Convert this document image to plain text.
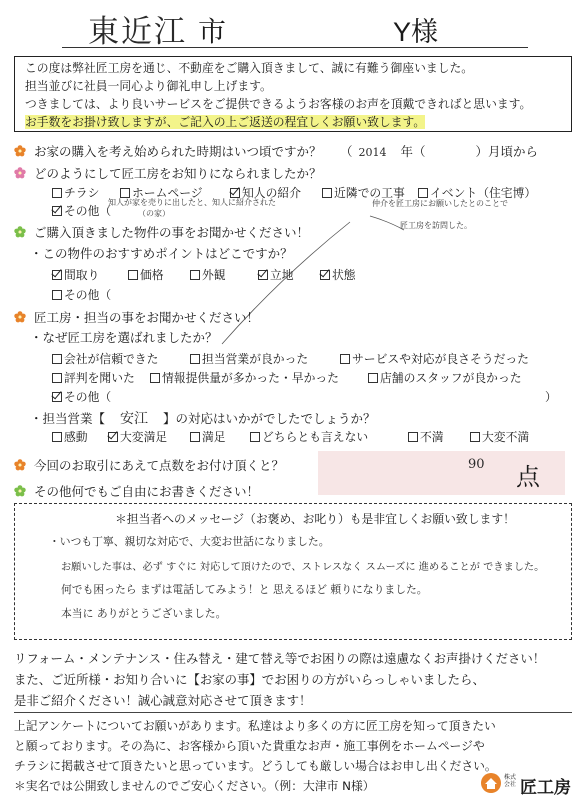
東近江 市	Y様

この度は弊社匠工房を通じ、不動産をご購入頂きまして、誠に有難う御座いました。

担当並びに社員一同心より御礼申し上げます。

つきましては、より良いサービスをご提供できるようお客様のお声を頂戴できればと思います。

お手数をお掛け致しますが、ご記入の上ご返送の程宜しくお願い致します。

お家の購入を考え始められた時期はいつ頃ですか？ （ 2014 年（	）月頃から
どのようにして匠工房をお知りになられましたか？
チラシ	ホームページ	知人の紹介	近隣での工事	イベント（住宅博）
その他（
知人が家を売りに出したと、知人に紹介された
（の家）
仲介を匠工房にお願いしたとのことで
匠工房を訪問した。
ご購入頂きました物件の事をお聞かせください！
・この物件のおすすめポイントはどこですか？
間取り	価格	外観	立地	状態
その他（
匠工房・担当の事をお聞かせください！
・なぜ匠工房を選ばれましたか？
会社が信頼できた	担当営業が良かった	サービスや対応が良さそうだった
評判を聞いた	情報提供量が多かった・早かった	店舗のスタッフが良かった
その他（	）
・担当営業【 安江 】の対応はいかがでしたでしょうか？
感動	大変満足	満足	どちらとも言えない	不満	大変不満
今回のお取引にあえて点数をお付け頂くと？	90 点
その他何でもご自由にお書きください！
＊担当者へのメッセージ（お褒め、お叱り）も是非宜しくお願い致します！
・いつも丁寧、親切な対応で、大変お世話になりました。
お願いした事は、必ず すぐに 対応して頂けたので、ストレスなく スムーズに 進めることが できました。
何でも困ったら まずは電話してみよう！と 思えるほど 頼りになりました。
本当に ありがとうございました。

リフォーム・メンテナンス・住み替え・建て替え等でお困りの際は遠慮なくお声掛けください！

また、ご近所様・お知り合いに【お家の事】でお困りの方がいらっしゃいましたら、

是非ご紹介ください！誠心誠意対応させて頂きます！

上記アンケートについてお願いがあります。私達はより多くの方に匠工房を知って頂きたい

と願っております。その為に、お客様から頂いた貴重なお声・施工事例をホームページや

チラシに掲載させて頂きたいと思っています。どうしても厳しい場合はお申し出ください。

＊実名では公開致しませんのでご安心ください。（例：大津市 N様）

株式会社 匠工房
